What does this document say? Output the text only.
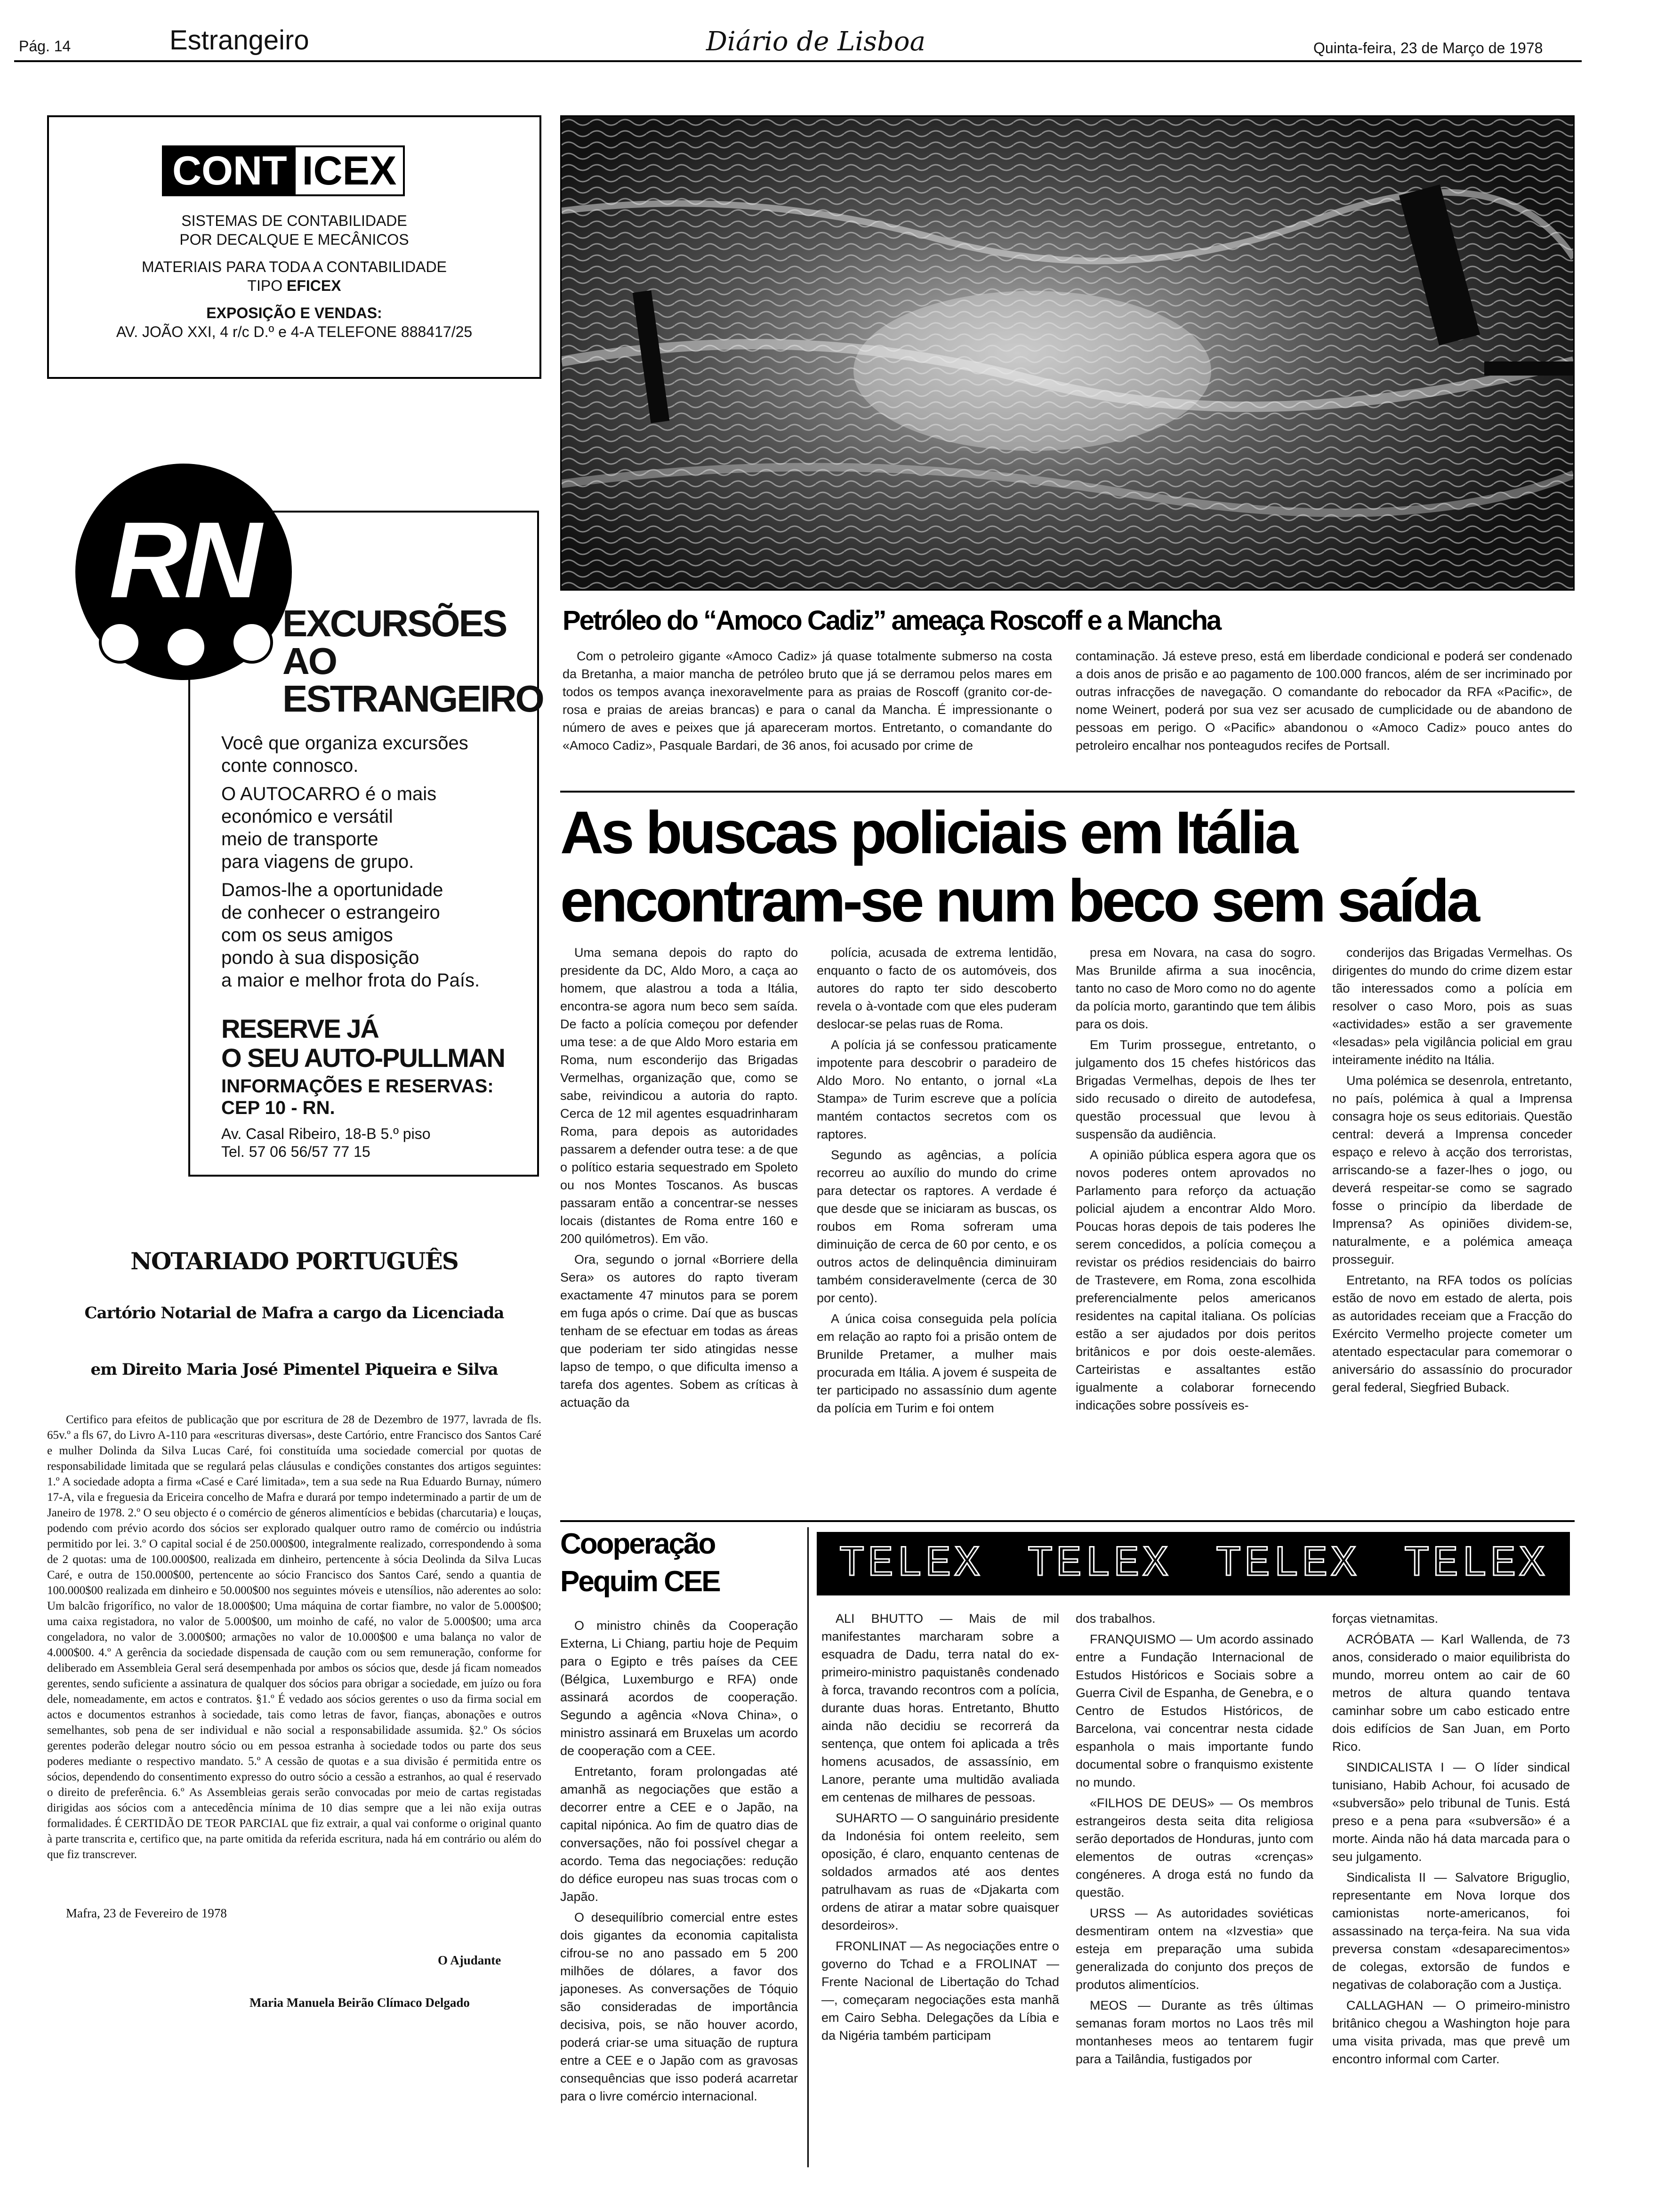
Pág. 14	Estrangeiro	Diário de Lisboa	Quinta-feira, 23 de Março de 1978
CONT ICEX
SISTEMAS DE CONTABILIDADE
POR DECALQUE E MECÂNICOS
MATERIAIS PARA TODA A CONTABILIDADE
TIPO EFICEX
EXPOSIÇÃO E VENDAS:
AV. JOÃO XXI, 4 r/c D.º e 4-A TELEFONE 888417/25
RN
EXCURSÕES
AO
ESTRANGEIRO
Você que organiza excursões
conte connosco.
O AUTOCARRO é o mais
económico e versátil
meio de transporte
para viagens de grupo.
Damos-lhe a oportunidade
de conhecer o estrangeiro
com os seus amigos
pondo à sua disposição
a maior e melhor frota do País.
RESERVE JÁ
O SEU AUTO-PULLMAN
INFORMAÇÕES E RESERVAS:
CEP 10 - RN.
Av. Casal Ribeiro, 18-B 5.º piso
Tel. 57 06 56/57 77 15
NOTARIADO PORTUGUÊS
Cartório Notarial de Mafra a cargo da Licenciada
em Direito Maria José Pimentel Piqueira e Silva
Certifico para efeitos de publicação que por escritura de 28 de Dezembro de 1977, lavrada de fls. 65v.º a fls 67, do Livro A-110 para «escrituras diversas», deste Cartório, entre Francisco dos Santos Caré e mulher Dolinda da Silva Lucas Caré, foi constituída uma sociedade comercial por quotas de responsabilidade limitada que se regulará pelas cláusulas e condições constantes dos artigos seguintes: 1.º A sociedade adopta a firma «Casé e Caré limitada», tem a sua sede na Rua Eduardo Burnay, número 17-A, vila e freguesia da Ericeira concelho de Mafra e durará por tempo indeterminado a partir de um de Janeiro de 1978. 2.º O seu objecto é o comércio de géneros alimentícios e bebidas (charcutaria) e louças, podendo com prévio acordo dos sócios ser explorado qualquer outro ramo de comércio ou indústria permitido por lei. 3.º O capital social é de 250.000$00, integralmente realizado, correspondendo à soma de 2 quotas: uma de 100.000$00, realizada em dinheiro, pertencente à sócia Deolinda da Silva Lucas Caré, e outra de 150.000$00, pertencente ao sócio Francisco dos Santos Caré, sendo a quantia de 100.000$00 realizada em dinheiro e 50.000$00 nos seguintes móveis e utensílios, não aderentes ao solo: Um balcão frigorífico, no valor de 18.000$00; Uma máquina de cortar fiambre, no valor de 5.000$00; uma caixa registadora, no valor de 5.000$00, um moinho de café, no valor de 5.000$00; uma arca congeladora, no valor de 3.000$00; armações no valor de 10.000$00 e uma balança no valor de 4.000$00. 4.º A gerência da sociedade dispensada de caução com ou sem remuneração, conforme for deliberado em Assembleia Geral será desempenhada por ambos os sócios que, desde já ficam nomeados gerentes, sendo suficiente a assinatura de qualquer dos sócios para obrigar a sociedade, em juízo ou fora dele, nomeadamente, em actos e contratos. §1.º É vedado aos sócios gerentes o uso da firma social em actos e documentos estranhos à sociedade, tais como letras de favor, fianças, abonações e outros semelhantes, sob pena de ser individual e não social a responsabilidade assumida. §2.º Os sócios gerentes poderão delegar noutro sócio ou em pessoa estranha à sociedade todos ou parte dos seus poderes mediante o respectivo mandato. 5.º A cessão de quotas e a sua divisão é permitida entre os sócios, dependendo do consentimento expresso do outro sócio a cessão a estranhos, ao qual é reservado o direito de preferência. 6.º As Assembleias gerais serão convocadas por meio de cartas registadas dirigidas aos sócios com a antecedência mínima de 10 dias sempre que a lei não exija outras formalidades. É CERTIDÃO DE TEOR PARCIAL que fiz extrair, a qual vai conforme o original quanto à parte transcrita e, certifico que, na parte omitida da referida escritura, nada há em contrário ou além do que fiz transcrever.
Mafra, 23 de Fevereiro de 1978
O Ajudante
Maria Manuela Beirão Clímaco Delgado
Petróleo do “Amoco Cadiz” ameaça Roscoff e a Mancha
Com o petroleiro gigante «Amoco Cadiz» já quase totalmente submerso na costa da Bretanha, a maior mancha de petróleo bruto que já se derramou pelos mares em todos os tempos avança inexoravelmente para as praias de Roscoff (granito cor-de-rosa e praias de areias brancas) e para o canal da Mancha. É impressionante o número de aves e peixes que já apareceram mortos. Entretanto, o comandante do «Amoco Cadiz», Pasquale Bardari, de 36 anos, foi acusado por crime de
contaminação. Já esteve preso, está em liberdade condicional e poderá ser condenado a dois anos de prisão e ao pagamento de 100.000 francos, além de ser incriminado por outras infracções de navegação. O comandante do rebocador da RFA «Pacific», de nome Weinert, poderá por sua vez ser acusado de cumplicidade ou de abandono de pessoas em perigo. O «Pacific» abandonou o «Amoco Cadiz» pouco antes do petroleiro encalhar nos ponteagudos recifes de Portsall.
As buscas policiais em Itália
encontram-se num beco sem saída

Uma semana depois do rapto do presidente da DC, Aldo Moro, a caça ao homem, que alastrou a toda a Itália, encontra-se agora num beco sem saída. De facto a polícia começou por defender uma tese: a de que Aldo Moro estaria em Roma, num esconderijo das Brigadas Vermelhas, organização que, como se sabe, reivindicou a autoria do rapto. Cerca de 12 mil agentes esquadrinharam Roma, para depois as autoridades passarem a defender outra tese: a de que o político estaria sequestrado em Spoleto ou nos Montes Toscanos. As buscas passaram então a concentrar-se nesses locais (distantes de Roma entre 160 e 200 quilómetros). Em vão.

Ora, segundo o jornal «Borriere della Sera» os autores do rapto tiveram exactamente 47 minutos para se porem em fuga após o crime. Daí que as buscas tenham de se efectuar em todas as áreas que poderiam ter sido atingidas nesse lapso de tempo, o que dificulta imenso a tarefa dos agentes. Sobem as críticas à actuação da

polícia, acusada de extrema lentidão, enquanto o facto de os automóveis, dos autores do rapto ter sido descoberto revela o à-vontade com que eles puderam deslocar-se pelas ruas de Roma.

A polícia já se confessou praticamente impotente para descobrir o paradeiro de Aldo Moro. No entanto, o jornal «La Stampa» de Turim escreve que a polícia mantém contactos secretos com os raptores.

Segundo as agências, a polícia recorreu ao auxílio do mundo do crime para detectar os raptores. A verdade é que desde que se iniciaram as buscas, os roubos em Roma sofreram uma diminuição de cerca de 60 por cento, e os outros actos de delinquência diminuiram também consideravelmente (cerca de 30 por cento).

A única coisa conseguida pela polícia em relação ao rapto foi a prisão ontem de Brunilde Pretamer, a mulher mais procurada em Itália. A jovem é suspeita de ter participado no assassínio dum agente da polícia em Turim e foi ontem

presa em Novara, na casa do sogro. Mas Brunilde afirma a sua inocência, tanto no caso de Moro como no do agente da polícia morto, garantindo que tem álibis para os dois.

Em Turim prossegue, entretanto, o julgamento dos 15 chefes históricos das Brigadas Vermelhas, depois de lhes ter sido recusado o direito de autodefesa, questão processual que levou à suspensão da audiência.

A opinião pública espera agora que os novos poderes ontem aprovados no Parlamento para reforço da actuação policial ajudem a encontrar Aldo Moro. Poucas horas depois de tais poderes lhe serem concedidos, a polícia começou a revistar os prédios residenciais do bairro de Trastevere, em Roma, zona escolhida preferencialmente pelos americanos residentes na capital italiana. Os polícias estão a ser ajudados por dois peritos britânicos e por dois oeste-alemães. Carteiristas e assaltantes estão igualmente a colaborar fornecendo indicações sobre possíveis es-

conderijos das Brigadas Vermelhas. Os dirigentes do mundo do crime dizem estar tão interessados como a polícia em resolver o caso Moro, pois as suas «actividades» estão a ser gravemente «lesadas» pela vigilância policial em grau inteiramente inédito na Itália.

Uma polémica se desenrola, entretanto, no país, polémica à qual a Imprensa consagra hoje os seus editoriais. Questão central: deverá a Imprensa conceder espaço e relevo à acção dos terroristas, arriscando-se a fazer-lhes o jogo, ou deverá respeitar-se como se sagrado fosse o princípio da liberdade de Imprensa? As opiniões dividem-se, naturalmente, e a polémica ameaça prosseguir.

Entretanto, na RFA todos os polícias estão de novo em estado de alerta, pois as autoridades receiam que a Fracção do Exército Vermelho projecte cometer um atentado espectacular para comemorar o aniversário do assassínio do procurador geral federal, Siegfried Buback.

Cooperação
Pequim CEE

O ministro chinês da Cooperação Externa, Li Chiang, partiu hoje de Pequim para o Egipto e três países da CEE (Bélgica, Luxemburgo e RFA) onde assinará acordos de cooperação. Segundo a agência «Nova China», o ministro assinará em Bruxelas um acordo de cooperação com a CEE.

Entretanto, foram prolongadas até amanhã as negociações que estão a decorrer entre a CEE e o Japão, na capital nipónica. Ao fim de quatro dias de conversações, não foi possível chegar a acordo. Tema das negociações: redução do défice europeu nas suas trocas com o Japão.

O desequilíbrio comercial entre estes dois gigantes da economia capitalista cifrou-se no ano passado em 5 200 milhões de dólares, a favor dos japoneses. As conversações de Tóquio são consideradas de importância decisiva, pois, se não houver acordo, poderá criar-se uma situação de ruptura entre a CEE e o Japão com as gravosas consequências que isso poderá acarretar para o livre comércio internacional.

TELEX TELEX TELEX TELEX

ALI BHUTTO — Mais de mil manifestantes marcharam sobre a esquadra de Dadu, terra natal do ex-primeiro-ministro paquistanês condenado à forca, travando recontros com a polícia, durante duas horas. Entretanto, Bhutto ainda não decidiu se recorrerá da sentença, que ontem foi aplicada a três homens acusados, de assassínio, em Lanore, perante uma multidão avaliada em centenas de milhares de pessoas.

SUHARTO — O sanguinário presidente da Indonésia foi ontem reeleito, sem oposição, é claro, enquanto centenas de soldados armados até aos dentes patrulhavam as ruas de «Djakarta com ordens de atirar a matar sobre quaisquer desordeiros».

FRONLINAT — As negociações entre o governo do Tchad e a FROLINAT — Frente Nacional de Libertação do Tchad —, começaram negociações esta manhã em Cairo Sebha. Delegações da Líbia e da Nigéria também participam

dos trabalhos.

FRANQUISMO — Um acordo assinado entre a Fundação Internacional de Estudos Históricos e Sociais sobre a Guerra Civil de Espanha, de Genebra, e o Centro de Estudos Históricos, de Barcelona, vai concentrar nesta cidade espanhola o mais importante fundo documental sobre o franquismo existente no mundo.

«FILHOS DE DEUS» — Os membros estrangeiros desta seita dita religiosa serão deportados de Honduras, junto com elementos de outras «crenças» congéneres. A droga está no fundo da questão.

URSS — As autoridades soviéticas desmentiram ontem na «Izvestia» que esteja em preparação uma subida generalizada do conjunto dos preços de produtos alimentícios.

MEOS — Durante as três últimas semanas foram mortos no Laos três mil montanheses meos ao tentarem fugir para a Tailândia, fustigados por

forças vietnamitas.

ACRÓBATA — Karl Wallenda, de 73 anos, considerado o maior equilibrista do mundo, morreu ontem ao cair de 60 metros de altura quando tentava caminhar sobre um cabo esticado entre dois edifícios de San Juan, em Porto Rico.

SINDICALISTA I — O líder sindical tunisiano, Habib Achour, foi acusado de «subversão» pelo tribunal de Tunis. Está preso e a pena para «subversão» é a morte. Ainda não há data marcada para o seu julgamento.

Sindicalista II — Salvatore Briguglio, representante em Nova Iorque dos camionistas norte-americanos, foi assassinado na terça-feira. Na sua vida preversa constam «desaparecimentos» de colegas, extorsão de fundos e negativas de colaboração com a Justiça.

CALLAGHAN — O primeiro-ministro britânico chegou a Washington hoje para uma visita privada, mas que prevê um encontro informal com Carter.
